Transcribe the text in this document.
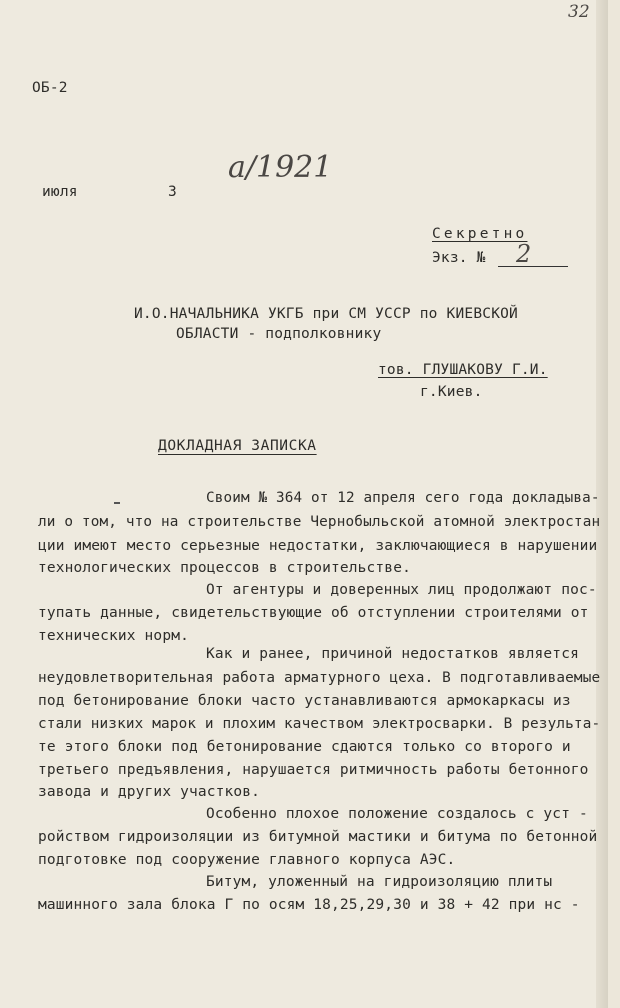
32
ОБ-2
июля	3
а/1921
Секретно
Экз. № 2
И.О.НАЧАЛЬНИКА УКГБ при СМ УССР по КИЕВСКОЙ
ОБЛАСТИ - подполковнику
тов. ГЛУШАКОВУ Г.И.
г.Киев.
ДОКЛАДНАЯ ЗАПИСКА
Своим № 364 от 12 апреля сего года докладыва-
ли о том, что на строительстве Чернобыльской атомной электростан
ции имеют место серьезные недостатки, заключающиеся в нарушении
технологических процессов в строительстве.
От агентуры и доверенных лиц продолжают пос-
тупать данные, свидетельствующие об отступлении строителями от
технических норм.
Как и ранее, причиной недостатков является
неудовлетворительная работа арматурного цеха. В подготавливаемые
под бетонирование блоки часто устанавливаются армокаркасы из
стали низких марок и плохим качеством электросварки. В результа-
те этого блоки под бетонирование сдаются только со второго и
третьего предъявления, нарушается ритмичность работы бетонного
завода и других участков.
Особенно плохое положение создалось с уст -
ройством гидроизоляции из битумной мастики и битума по бетонной
подготовке под сооружение главного корпуса АЭС.
Битум, уложенный на гидроизоляцию плиты
машинного зала блока Г по осям 18,25,29,30 и 38 + 42 при нс -
